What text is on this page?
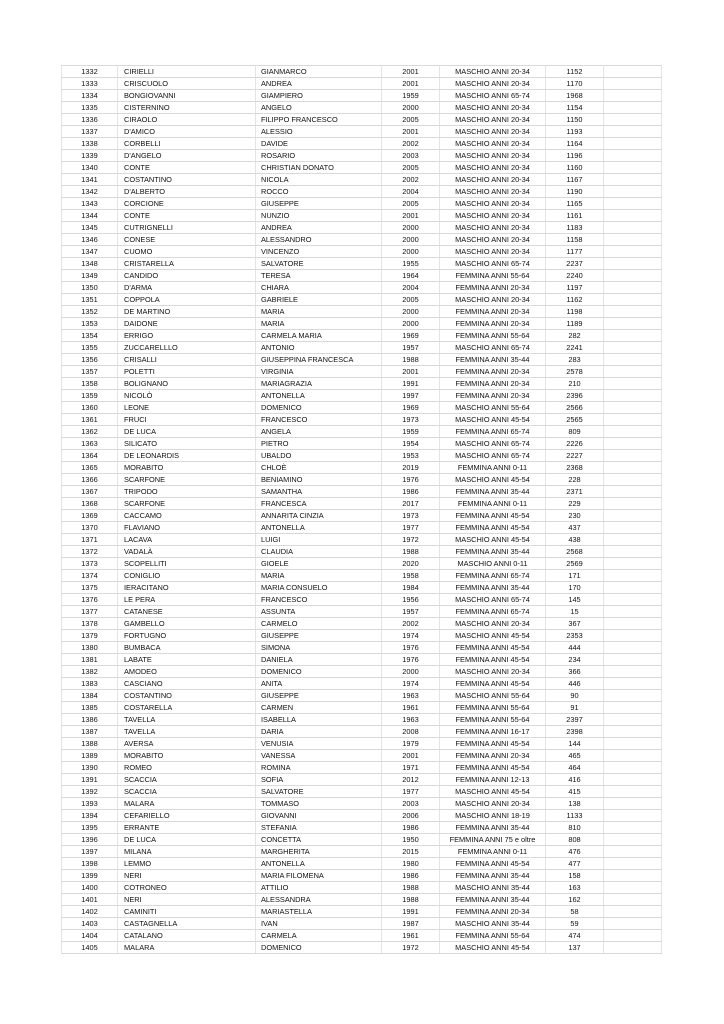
1332	CIRIELLI	GIANMARCO	2001	MASCHIO ANNI 20-34	1152	
1333	CRISCUOLO	ANDREA	2001	MASCHIO ANNI 20-34	1170	
1334	BONGIOVANNI	GIAMPIERO	1959	MASCHIO ANNI 65-74	1968	
1335	CISTERNINO	ANGELO	2000	MASCHIO ANNI 20-34	1154	
1336	CIRAOLO	FILIPPO FRANCESCO	2005	MASCHIO ANNI 20-34	1150	
1337	D'AMICO	ALESSIO	2001	MASCHIO ANNI 20-34	1193	
1338	CORBELLI	DAVIDE	2002	MASCHIO ANNI 20-34	1164	
1339	D'ANGELO	ROSARIO	2003	MASCHIO ANNI 20-34	1196	
1340	CONTE	CHRISTIAN DONATO	2005	MASCHIO ANNI 20-34	1160	
1341	COSTANTINO	NICOLA	2002	MASCHIO ANNI 20-34	1167	
1342	D'ALBERTO	ROCCO	2004	MASCHIO ANNI 20-34	1190	
1343	CORCIONE	GIUSEPPE	2005	MASCHIO ANNI 20-34	1165	
1344	CONTE	NUNZIO	2001	MASCHIO ANNI 20-34	1161	
1345	CUTRIGNELLI	ANDREA	2000	MASCHIO ANNI 20-34	1183	
1346	CONESE	ALESSANDRO	2000	MASCHIO ANNI 20-34	1158	
1347	CUOMO	VINCENZO	2000	MASCHIO ANNI 20-34	1177	
1348	CRISTARELLA	SALVATORE	1955	MASCHIO ANNI 65-74	2237	
1349	CANDIDO	TERESA	1964	FEMMINA ANNI 55-64	2240	
1350	D'ARMA	CHIARA	2004	FEMMINA ANNI 20-34	1197	
1351	COPPOLA	GABRIELE	2005	MASCHIO ANNI 20-34	1162	
1352	DE MARTINO	MARIA	2000	FEMMINA ANNI 20-34	1198	
1353	DAIDONE	MARIA	2000	FEMMINA ANNI 20-34	1189	
1354	ERRIGO	CARMELA MARIA	1969	FEMMINA ANNI 55-64	282	
1355	ZUCCARELLLO	ANTONIO	1957	MASCHIO ANNI 65-74	2241	
1356	CRISALLI	GIUSEPPINA FRANCESCA	1988	FEMMINA ANNI 35-44	283	
1357	POLETTI	VIRGINIA	2001	FEMMINA ANNI 20-34	2578	
1358	BOLIGNANO	MARIAGRAZIA	1991	FEMMINA ANNI 20-34	210	
1359	NICOLÒ	ANTONELLA	1997	FEMMINA ANNI 20-34	2396	
1360	LEONE	DOMENICO	1969	MASCHIO ANNI 55-64	2566	
1361	FRUCI	FRANCESCO	1973	MASCHIO ANNI 45-54	2565	
1362	DE LUCA	ANGELA	1959	FEMMINA ANNI 65-74	809	
1363	SILICATO	PIETRO	1954	MASCHIO ANNI 65-74	2226	
1364	DE LEONARDIS	UBALDO	1953	MASCHIO ANNI 65-74	2227	
1365	MORABITO	CHLOÈ	2019	FEMMINA ANNI 0-11	2368	
1366	SCARFONE	BENIAMINO	1976	MASCHIO ANNI 45-54	228	
1367	TRIPODO	SAMANTHA	1986	FEMMINA ANNI 35-44	2371	
1368	SCARFONE	FRANCESCA	2017	FEMMINA ANNI 0-11	229	
1369	CACCAMO	ANNARITA CINZIA	1973	FEMMINA ANNI 45-54	230	
1370	FLAVIANO	ANTONELLA	1977	FEMMINA ANNI 45-54	437	
1371	LACAVA	LUIGI	1972	MASCHIO ANNI 45-54	438	
1372	VADALÀ	CLAUDIA	1988	FEMMINA ANNI 35-44	2568	
1373	SCOPELLITI	GIOELE	2020	MASCHIO ANNI 0-11	2569	
1374	CONIGLIO	MARIA	1958	FEMMINA ANNI 65-74	171	
1375	IERACITANO	MARIA CONSUELO	1984	FEMMINA ANNI 35-44	170	
1376	LE PERA	FRANCESCO	1956	MASCHIO ANNI 65-74	145	
1377	CATANESE	ASSUNTA	1957	FEMMINA ANNI 65-74	15	
1378	GAMBELLO	CARMELO	2002	MASCHIO ANNI 20-34	367	
1379	FORTUGNO	GIUSEPPE	1974	MASCHIO ANNI 45-54	2353	
1380	BUMBACA	SIMONA	1976	FEMMINA ANNI 45-54	444	
1381	LABATE	DANIELA	1976	FEMMINA ANNI 45-54	234	
1382	AMODEO	DOMENICO	2000	MASCHIO ANNI 20-34	366	
1383	CASCIANO	ANITA	1974	FEMMINA ANNI 45-54	446	
1384	COSTANTINO	GIUSEPPE	1963	MASCHIO ANNI 55-64	90	
1385	COSTARELLA	CARMEN	1961	FEMMINA ANNI 55-64	91	
1386	TAVELLA	ISABELLA	1963	FEMMINA ANNI 55-64	2397	
1387	TAVELLA	DARIA	2008	FEMMINA ANNI 16-17	2398	
1388	AVERSA	VENUSIA	1979	FEMMINA ANNI 45-54	144	
1389	MORABITO	VANESSA	2001	FEMMINA ANNI 20-34	465	
1390	ROMEO	ROMINA	1971	FEMMINA ANNI 45-54	464	
1391	SCACCIA	SOFIA	2012	FEMMINA ANNI 12-13	416	
1392	SCACCIA	SALVATORE	1977	MASCHIO ANNI 45-54	415	
1393	MALARA	TOMMASO	2003	MASCHIO ANNI 20-34	138	
1394	CEFARIELLO	GIOVANNI	2006	MASCHIO ANNI 18-19	1133	
1395	ERRANTE	STEFANIA	1986	FEMMINA ANNI 35-44	810	
1396	DE LUCA	CONCETTA	1950	FEMMINA ANNI 75 e oltre	808	
1397	MILANA	MARGHERITA	2015	FEMMINA ANNI 0-11	476	
1398	LEMMO	ANTONELLA	1980	FEMMINA ANNI 45-54	477	
1399	NERI	MARIA FILOMENA	1986	FEMMINA ANNI 35-44	158	
1400	COTRONEO	ATTILIO	1988	MASCHIO ANNI 35-44	163	
1401	NERI	ALESSANDRA	1988	FEMMINA ANNI 35-44	162	
1402	CAMINITI	MARIASTELLA	1991	FEMMINA ANNI 20-34	58	
1403	CASTAGNELLA	IVAN	1987	MASCHIO ANNI 35-44	59	
1404	CATALANO	CARMELA	1961	FEMMINA ANNI 55-64	474	
1405	MALARA	DOMENICO	1972	MASCHIO ANNI 45-54	137	
